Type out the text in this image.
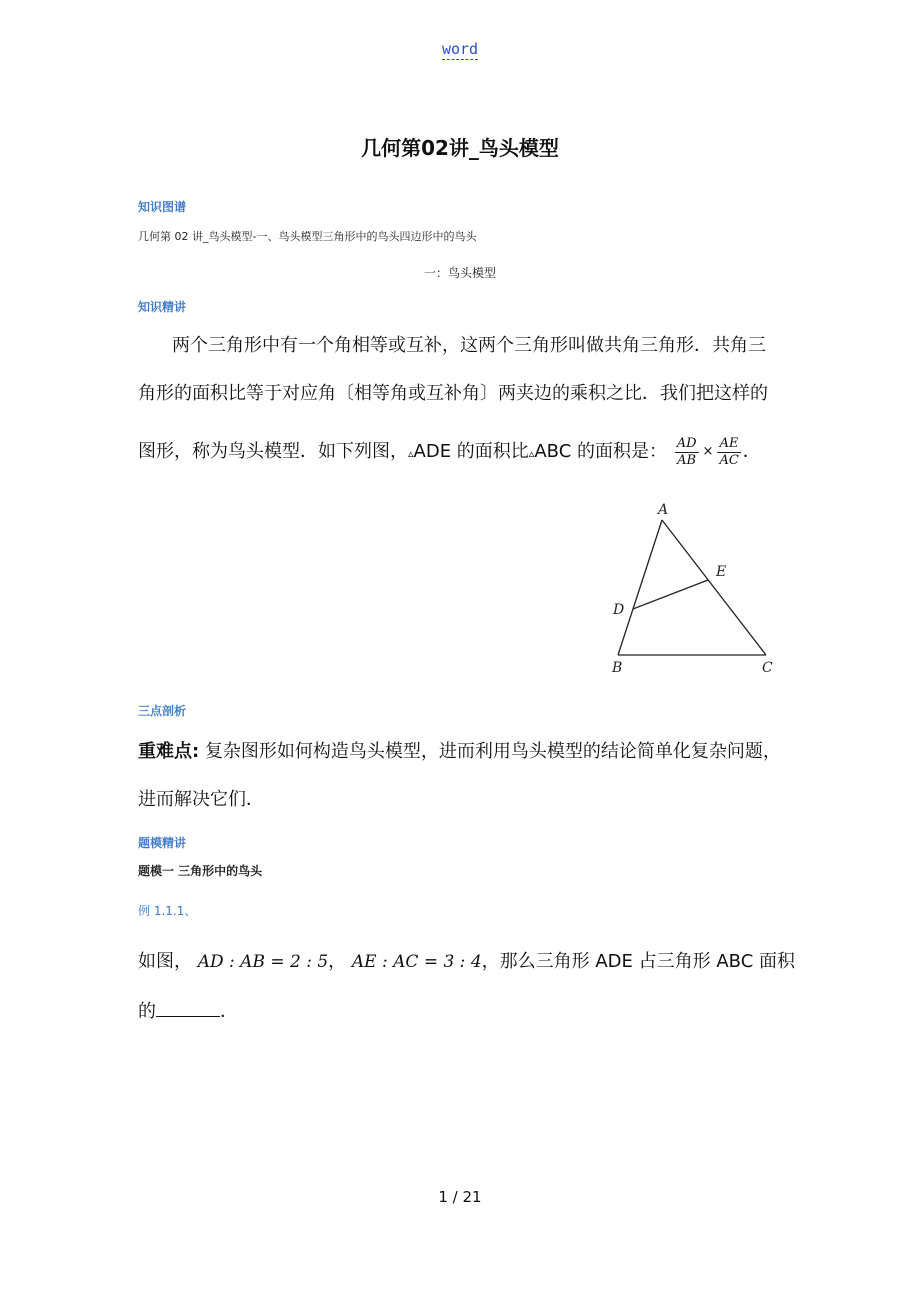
word
几何第02讲_鸟头模型
知识图谱
几何第 02 讲_鸟头模型-一、鸟头模型三角形中的鸟头四边形中的鸟头
一：鸟头模型
知识精讲
两个三角形中有一个角相等或互补，这两个三角形叫做共角三角形．共角三
角形的面积比等于对应角〔相等角或互补角〕两夹边的乘积之比．我们把这样的
图形，称为鸟头模型．如下列图，▵ADE 的面积比▵ABC 的面积是： $\frac{AD}{AB} \times \frac{AE}{AC}$ ．
A
B	C
D
E
三点剖析
重难点: 复杂图形如何构造鸟头模型，进而利用鸟头模型的结论简单化复杂问题，
进而解决它们．
题模精讲
题模一 三角形中的鸟头
例 1.1.1、
如图， AD : AB = 2 : 5， AE : AC = 3 : 4，那么三角形 ADE 占三角形 ABC 面积
的	．
1 / 21
